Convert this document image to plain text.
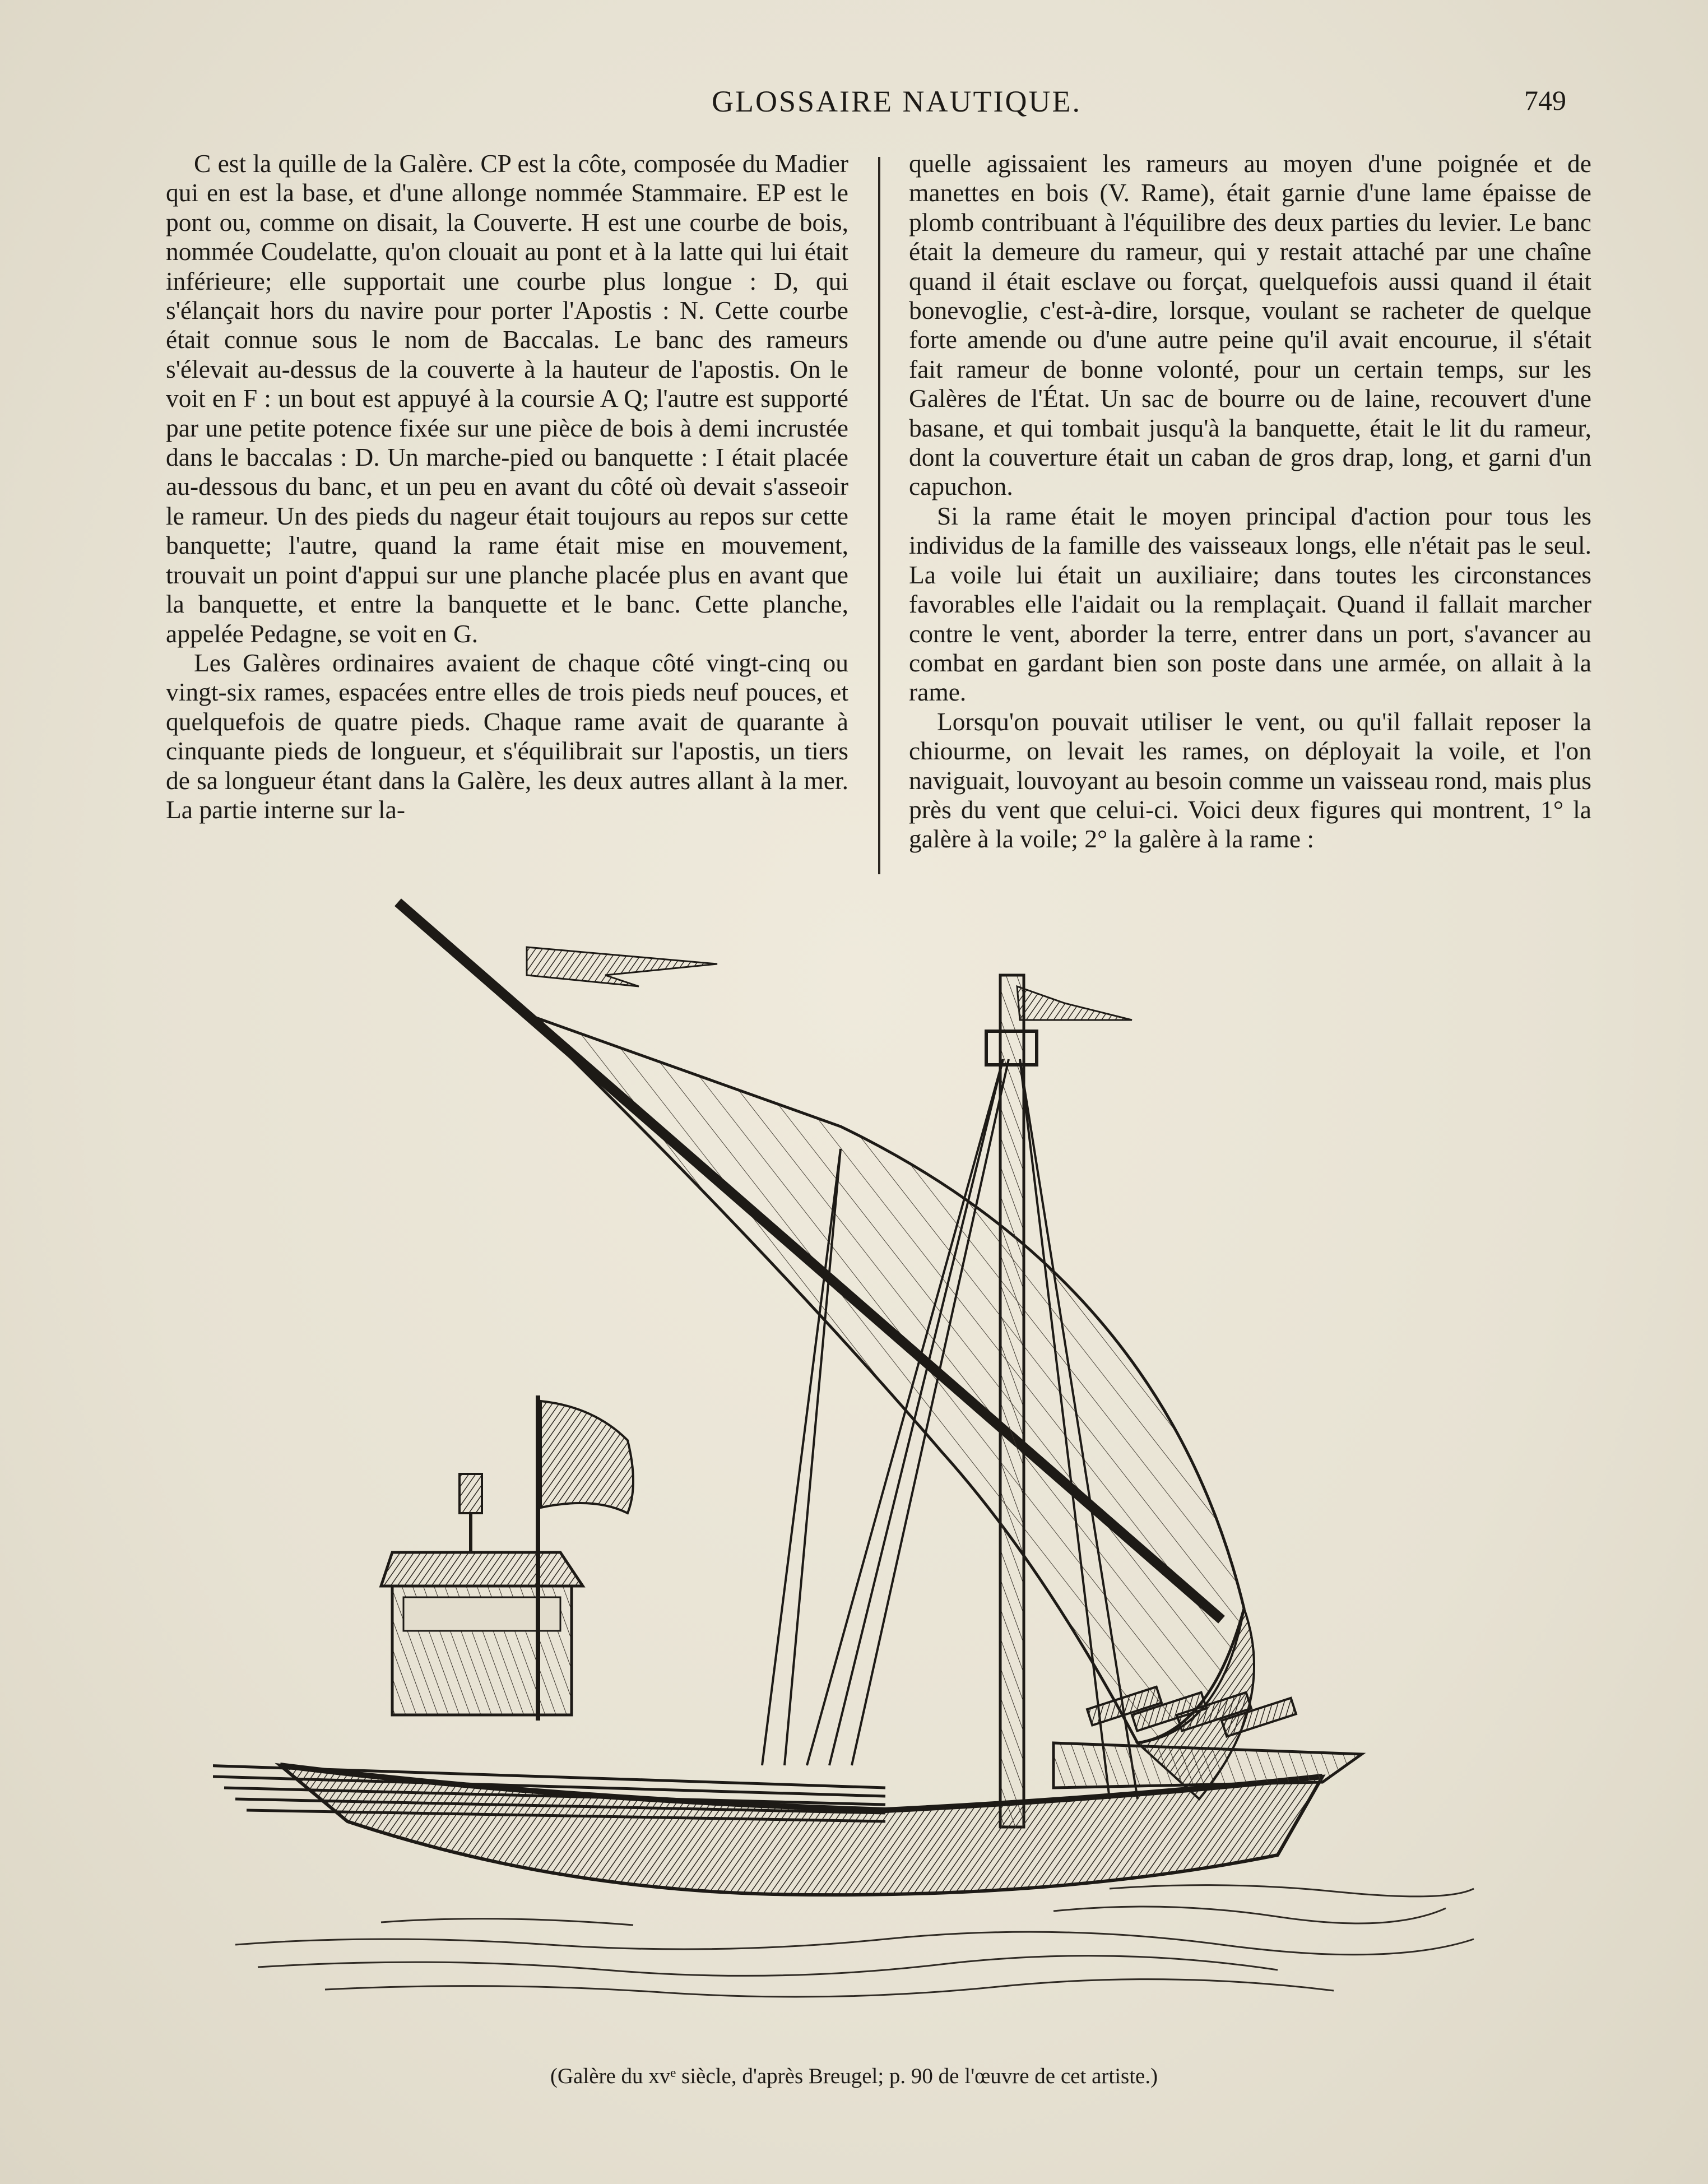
GLOSSAIRE NAUTIQUE.	749

C est la quille de la Galère. CP est la côte, composée du Madier qui en est la base, et d'une allonge nommée Stammaire. EP est le pont ou, comme on disait, la Couverte. H est une courbe de bois, nommée Coudelatte, qu'on clouait au pont et à la latte qui lui était inférieure; elle supportait une courbe plus longue : D, qui s'élançait hors du navire pour porter l'Apostis : N. Cette courbe était connue sous le nom de Baccalas. Le banc des rameurs s'élevait au-dessus de la couverte à la hauteur de l'apostis. On le voit en F : un bout est appuyé à la coursie A Q; l'autre est supporté par une petite potence fixée sur une pièce de bois à demi incrustée dans le baccalas : D. Un marche-pied ou banquette : I était placée au-dessous du banc, et un peu en avant du côté où devait s'asseoir le rameur. Un des pieds du nageur était toujours au repos sur cette banquette; l'autre, quand la rame était mise en mouvement, trouvait un point d'appui sur une planche placée plus en avant que la banquette, et entre la banquette et le banc. Cette planche, appelée Pedagne, se voit en G.

Les Galères ordinaires avaient de chaque côté vingt-cinq ou vingt-six rames, espacées entre elles de trois pieds neuf pouces, et quelquefois de quatre pieds. Chaque rame avait de quarante à cinquante pieds de longueur, et s'équilibrait sur l'apostis, un tiers de sa longueur étant dans la Galère, les deux autres allant à la mer. La partie interne sur la-

quelle agissaient les rameurs au moyen d'une poignée et de manettes en bois (V. Rame), était garnie d'une lame épaisse de plomb contribuant à l'équilibre des deux parties du levier. Le banc était la demeure du rameur, qui y restait attaché par une chaîne quand il était esclave ou forçat, quelquefois aussi quand il était bonevoglie, c'est-à-dire, lorsque, voulant se racheter de quelque forte amende ou d'une autre peine qu'il avait encourue, il s'était fait rameur de bonne volonté, pour un certain temps, sur les Galères de l'État. Un sac de bourre ou de laine, recouvert d'une basane, et qui tombait jusqu'à la banquette, était le lit du rameur, dont la couverture était un caban de gros drap, long, et garni d'un capuchon.

Si la rame était le moyen principal d'action pour tous les individus de la famille des vaisseaux longs, elle n'était pas le seul. La voile lui était un auxiliaire; dans toutes les circonstances favorables elle l'aidait ou la remplaçait. Quand il fallait marcher contre le vent, aborder la terre, entrer dans un port, s'avancer au combat en gardant bien son poste dans une armée, on allait à la rame.

Lorsqu'on pouvait utiliser le vent, ou qu'il fallait reposer la chiourme, on levait les rames, on déployait la voile, et l'on naviguait, louvoyant au besoin comme un vaisseau rond, mais plus près du vent que celui-ci. Voici deux figures qui montrent, 1° la galère à la voile; 2° la galère à la rame :

(Galère du xvᵉ siècle, d'après Breugel; p. 90 de l'œuvre de cet artiste.)
